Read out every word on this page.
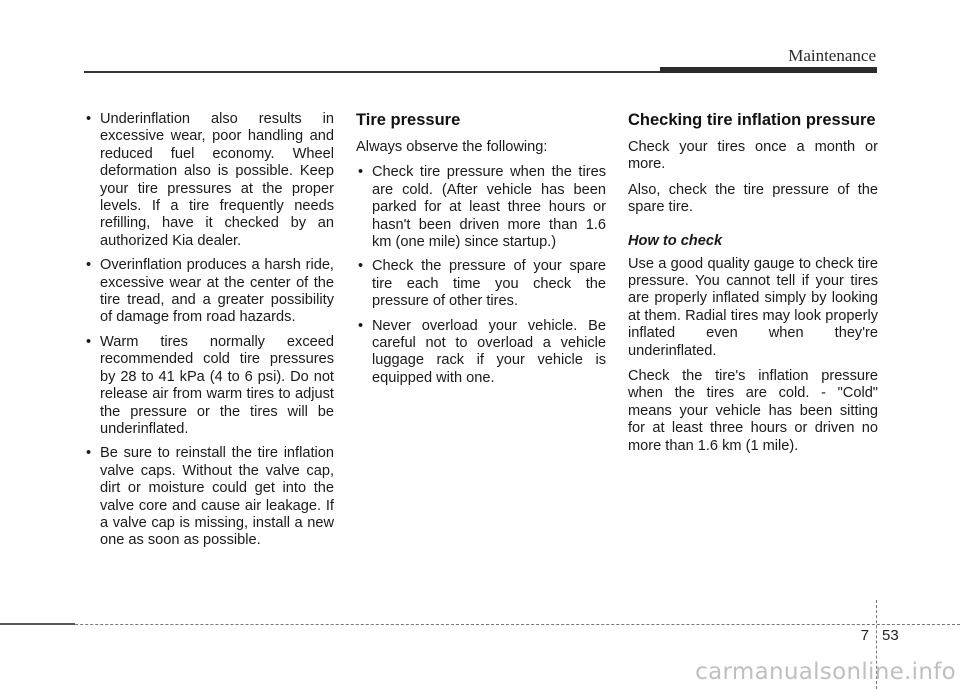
Maintenance
• Underinflation also results in excessive wear, poor handling and reduced fuel economy. Wheel deformation also is possible. Keep your tire pressures at the proper levels. If a tire frequently needs refilling, have it checked by an authorized Kia dealer.
• Overinflation produces a harsh ride, excessive wear at the center of the tire tread, and a greater possibility of damage from road hazards.
• Warm tires normally exceed recommended cold tire pressures by 28 to 41 kPa (4 to 6 psi). Do not release air from warm tires to adjust the pressure or the tires will be underinflated.
• Be sure to reinstall the tire inflation valve caps. Without the valve cap, dirt or moisture could get into the valve core and cause air leakage. If a valve cap is missing, install a new one as soon as possible.
Tire pressure

Always observe the following:

• Check tire pressure when the tires are cold. (After vehicle has been parked for at least three hours or hasn't been driven more than 1.6 km (one mile) since startup.)
• Check the pressure of your spare tire each time you check the pressure of other tires.
• Never overload your vehicle. Be careful not to overload a vehicle luggage rack if your vehicle is equipped with one.
Checking tire inflation pressure

Check your tires once a month or more.

Also, check the tire pressure of the spare tire.

How to check

Use a good quality gauge to check tire pressure. You cannot tell if your tires are properly inflated simply by looking at them. Radial tires may look properly inflated even when they're underinflated.

Check the tire's inflation pressure when the tires are cold. - "Cold" means your vehicle has been sitting for at least three hours or driven no more than 1.6 km (1 mile).

7 53
carmanualsonline.info
